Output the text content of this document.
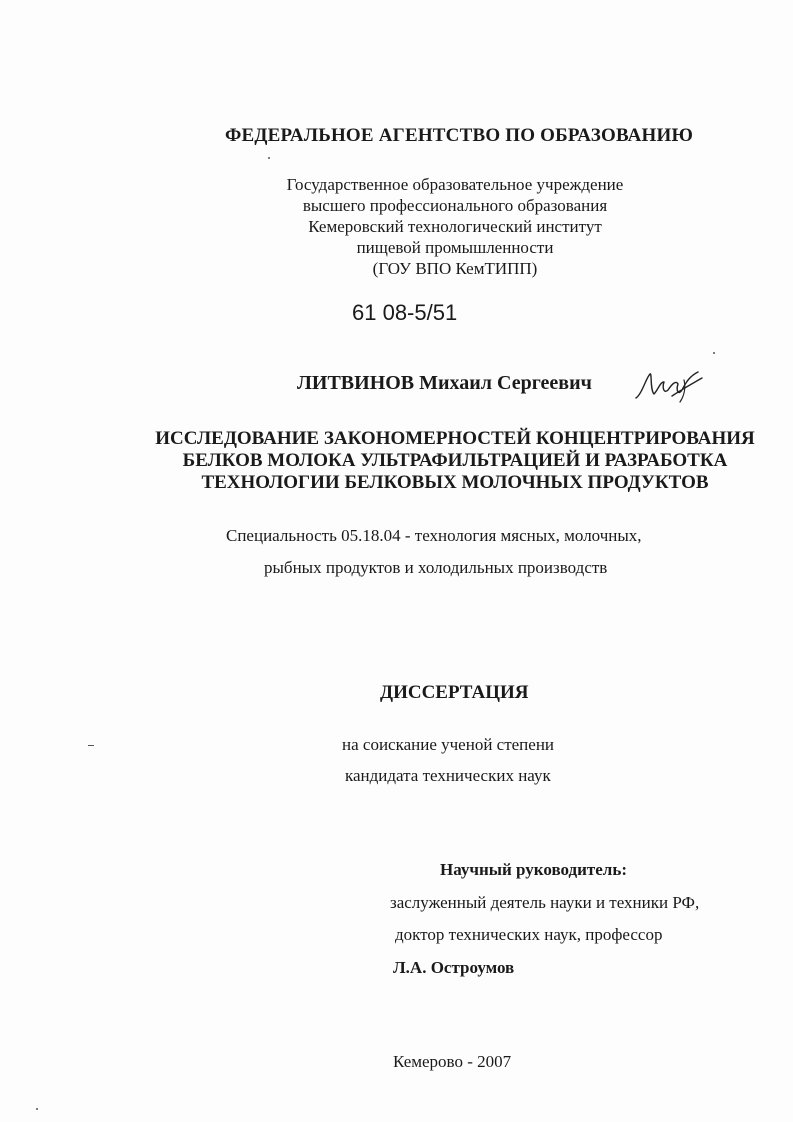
ФЕДЕРАЛЬНОЕ АГЕНТСТВО ПО ОБРАЗОВАНИЮ
Государственное образовательное учреждение
высшего профессионального образования
Кемеровский технологический институт
пищевой промышленности
(ГОУ ВПО КемТИПП)
61 08-5/51
ЛИТВИНОВ Михаил Сергеевич
ИССЛЕДОВАНИЕ ЗАКОНОМЕРНОСТЕЙ КОНЦЕНТРИРОВАНИЯ
БЕЛКОВ МОЛОКА УЛЬТРАФИЛЬТРАЦИЕЙ И РАЗРАБОТКА
ТЕХНОЛОГИИ БЕЛКОВЫХ МОЛОЧНЫХ ПРОДУКТОВ
Специальность 05.18.04 - технология мясных, молочных,
рыбных продуктов и холодильных производств
ДИССЕРТАЦИЯ
на соискание ученой степени
кандидата технических наук
Научный руководитель:
заслуженный деятель науки и техники РФ,
доктор технических наук, профессор
Л.А. Остроумов
Кемерово - 2007
